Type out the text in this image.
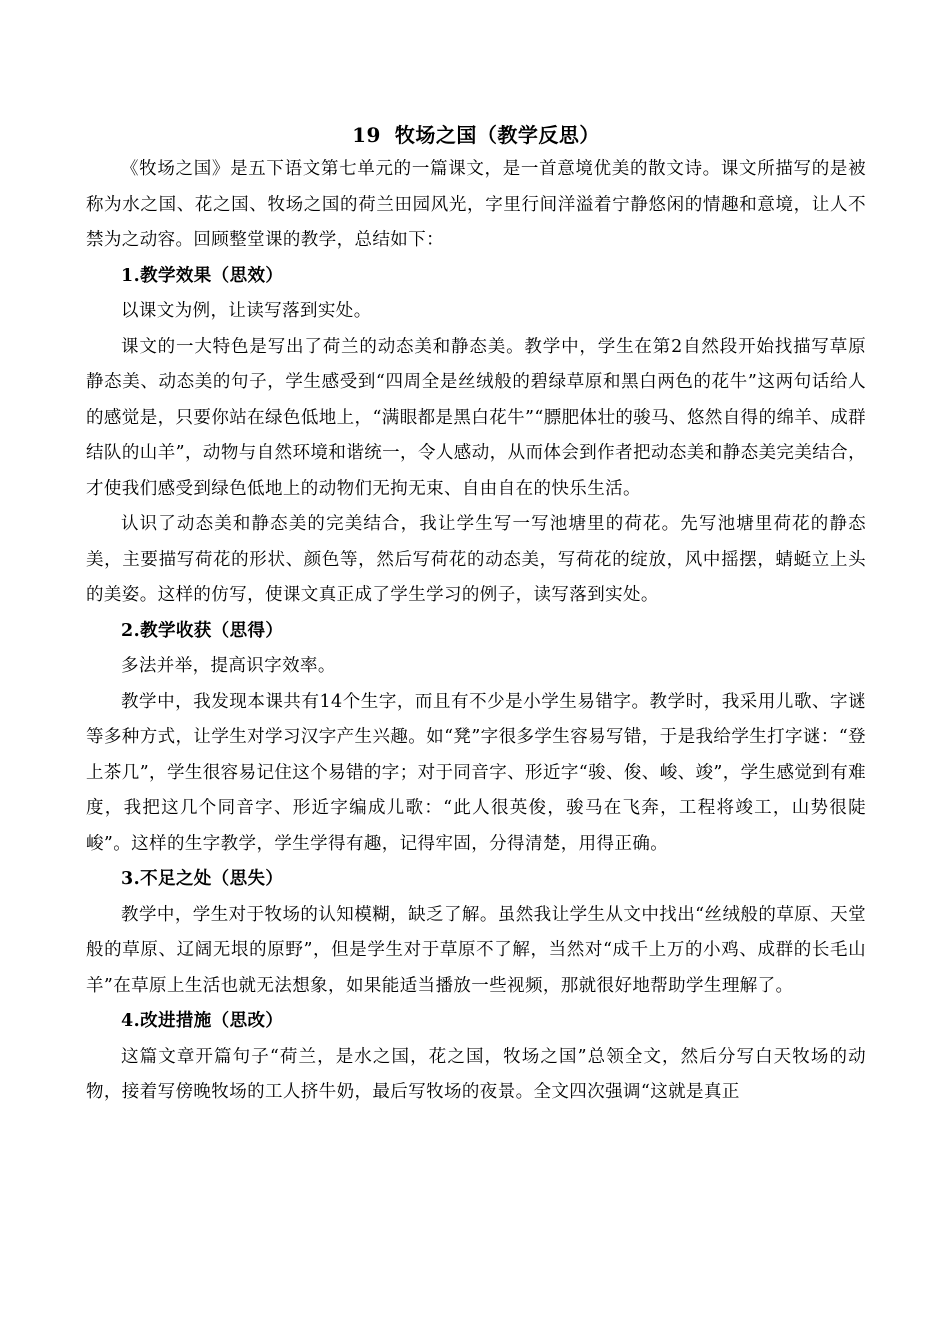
19 牧场之国（教学反思）

《牧场之国》是五下语文第七单元的一篇课文，是一首意境优美的散文诗。课文所描写的是被称为水之国、花之国、牧场之国的荷兰田园风光，字里行间洋溢着宁静悠闲的情趣和意境，让人不禁为之动容。回顾整堂课的教学，总结如下：

1.教学效果（思效）

以课文为例，让读写落到实处。

课文的一大特色是写出了荷兰的动态美和静态美。教学中，学生在第2自然段开始找描写草原静态美、动态美的句子，学生感受到“四周全是丝绒般的碧绿草原和黑白两色的花牛”这两句话给人的感觉是，只要你站在绿色低地上，“满眼都是黑白花牛”“膘肥体壮的骏马、悠然自得的绵羊、成群结队的山羊”，动物与自然环境和谐统一，令人感动，从而体会到作者把动态美和静态美完美结合，才使我们感受到绿色低地上的动物们无拘无束、自由自在的快乐生活。

认识了动态美和静态美的完美结合，我让学生写一写池塘里的荷花。先写池塘里荷花的静态美，主要描写荷花的形状、颜色等，然后写荷花的动态美，写荷花的绽放，风中摇摆，蜻蜓立上头的美姿。这样的仿写，使课文真正成了学生学习的例子，读写落到实处。

2.教学收获（思得）

多法并举，提高识字效率。

教学中，我发现本课共有14个生字，而且有不少是小学生易错字。教学时，我采用儿歌、字谜等多种方式，让学生对学习汉字产生兴趣。如“凳”字很多学生容易写错，于是我给学生打字谜：“登上茶几”，学生很容易记住这个易错的字；对于同音字、形近字“骏、俊、峻、竣”，学生感觉到有难度，我把这几个同音字、形近字编成儿歌：“此人很英俊，骏马在飞奔，工程将竣工，山势很陡峻”。这样的生字教学，学生学得有趣，记得牢固，分得清楚，用得正确。

3.不足之处（思失）

教学中，学生对于牧场的认知模糊，缺乏了解。虽然我让学生从文中找出“丝绒般的草原、天堂般的草原、辽阔无垠的原野”，但是学生对于草原不了解，当然对“成千上万的小鸡、成群的长毛山羊”在草原上生活也就无法想象，如果能适当播放一些视频，那就很好地帮助学生理解了。

4.改进措施（思改）

这篇文章开篇句子“荷兰，是水之国，花之国，牧场之国”总领全文，然后分写白天牧场的动物，接着写傍晚牧场的工人挤牛奶，最后写牧场的夜景。全文四次强调“这就是真正
